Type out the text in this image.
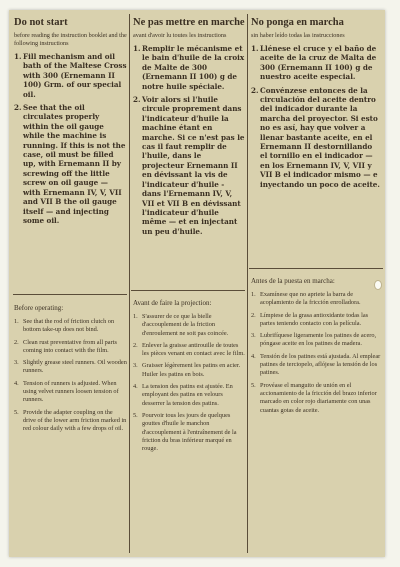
Do not start
before reading the instruction booklet and the following instructions
1. Fill mechanism and oil bath of the Maltese Cross with 300 (Ernemann II 100) Grm. of our special oil.
2. See that the oil circulates properly within the oil gauge while the machine is running. If this is not the case, oil must be filled up, with Ernemann II by screwing off the little screw on oil gauge — with Ernemann IV, V, VII and VII B the oil gauge itself — and injecting some oil.
Before operating:
1. See that the rod of friction clutch on bottom take-up does not bind.
2. Clean rust preventative from all parts coming into contact with the film.
3. Slightly grease steel runners. Oil wooden runners.
4. Tension of runners is adjusted. When using velvet runners loosen tension of runners.
5. Provide the adapter coupling on the drive of the lower arm friction marked in red colour daily with a few drops of oil.
Ne pas mettre en marche
avant d'avoir lu toutes les instructions
1. Remplir le mécanisme et le bain d'huile de la croix de Malte de 300 (Ernemann II 100) g de notre huile spéciale.
2. Voir alors si l'huile circule proprement dans l'indicateur d'huile la machine étant en marche. Si ce n'est pas le cas il faut remplir de l'huile, dans le projecteur Ernemann II en dévissant la vis de l'indicateur d'huile - dans l'Ernemann IV, V, VII et VII B en dévissant l'indicateur d'huile même — et en injectant un peu d'huile.
Avant de faire la projection:
1. S'assurer de ce que la bielle d'accouplement de la friction d'enroulement ne soit pas coincée.
2. Enlever la graisse antirouille de toutes les pièces venant en contact avec le film.
3. Graisser légèrement les patins en acier. Huiler les patins en bois.
4. La tension des patins est ajustée. En employant des patins en velours desserrer la tension des patins.
5. Pourvoir tous les jours de quelques gouttes d'huile le manchon d'accouplement à l'entraînement de la friction du bras inférieur marqué en rouge.
No ponga en marcha
sin haber leído todas las instrucciones
1. Llénese el cruce y el baño de aceite de la cruz de Malta de 300 (Ernemann II 100) g de nuestro aceite especial.
2. Convénzese entonces de la circulación del aceite dentro del indicador durante la marcha del proyector. Si esto no es así, hay que volver a llenar bastante aceite, en el Ernemann II destornillando el tornillo en el indicador — en los Ernemann IV, V, VII y VII B el indicador mismo — e inyectando un poco de aceite.
Antes de la puesta en marcha:
1. Examínese que no apriete la barra de acoplamiento de la fricción enrolladora.
2. Límpiese de la grasa antioxidante todas las partes teniendo contacto con la película.
3. Lubrifíquese ligeramente los patines de acero, póngase aceite en los patines de madera.
4. Tensión de los patines está ajustada. Al emplear patines de terciopelo, aflójese la tensión de los patines.
5. Provéase el manguito de unión en el accionamiento de la fricción del brazo inferior marcado en color rojo diariamente con unas cuantas gotas de aceite.
